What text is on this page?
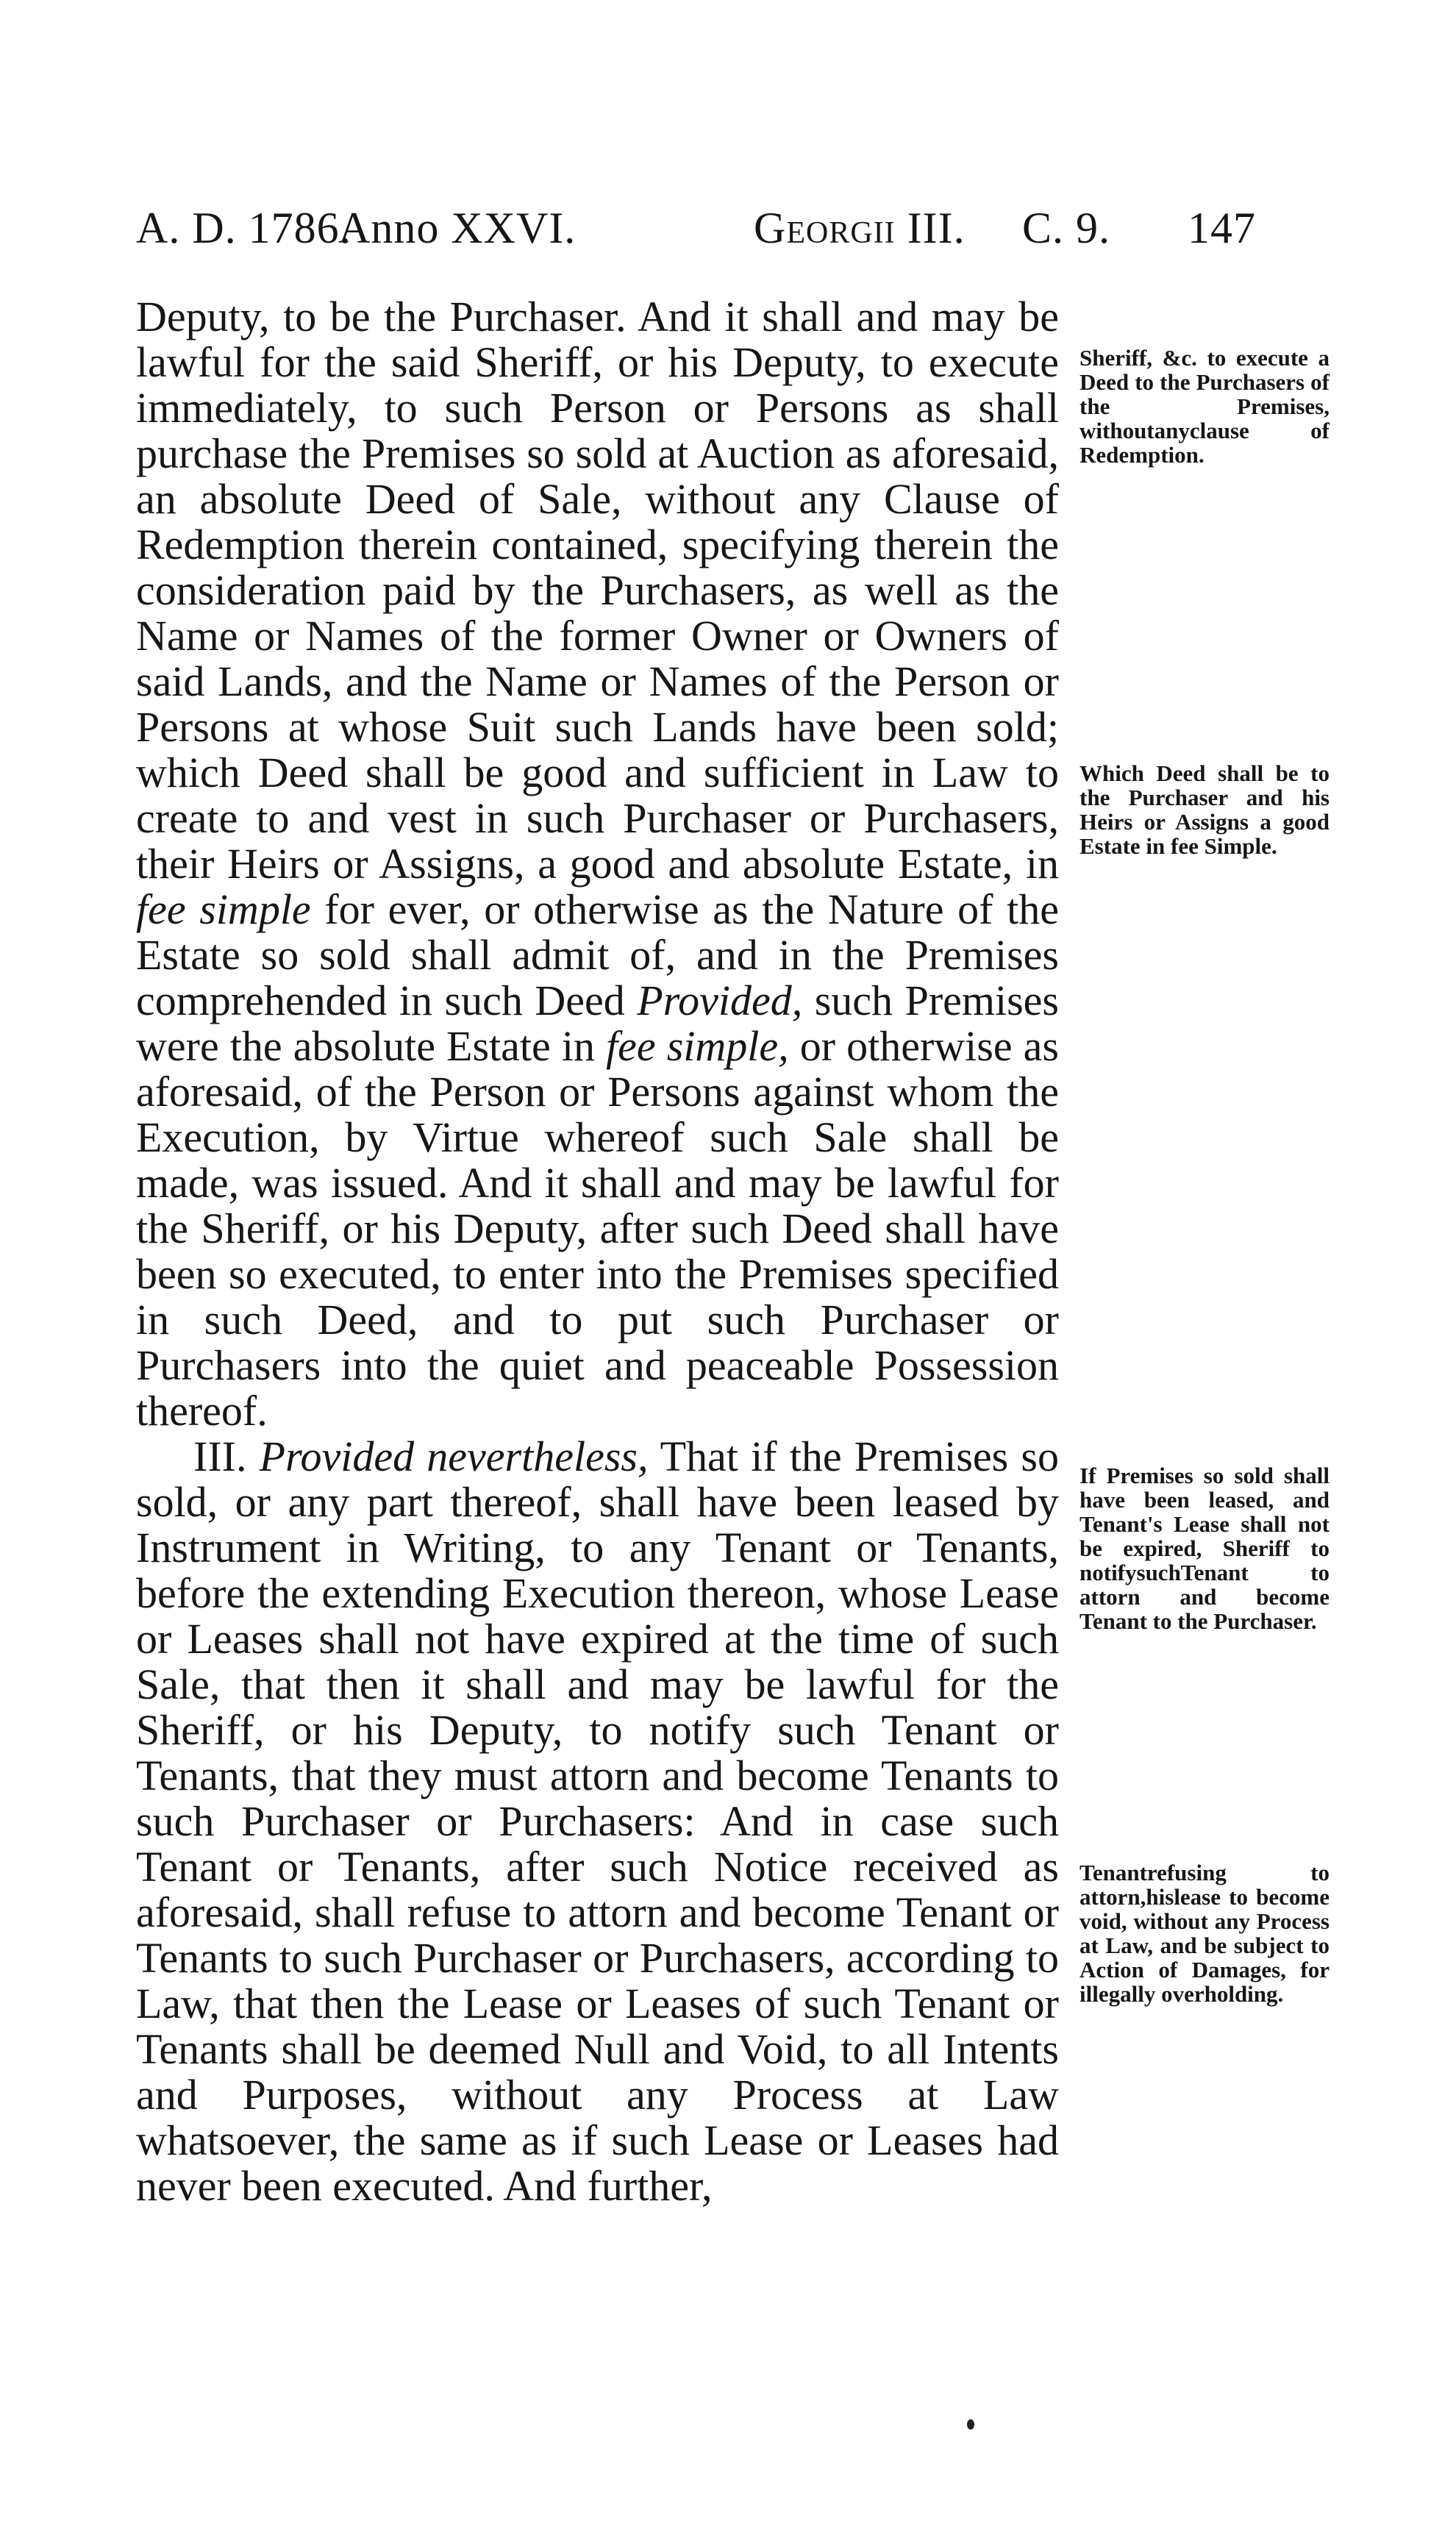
A. D. 1786.
Anno XXVI.	Georgii III. C. 9. 147

Deputy, to be the Purchaser. And it shall and may be lawful for the said Sheriff, or his Deputy, to execute immediately, to such Person or Persons as shall purchase the Premises so sold at Auction as aforesaid, an absolute Deed of Sale, without any Clause of Redemption therein contained, specifying therein the consideration paid by the Purchasers, as well as the Name or Names of the former Owner or Owners of said Lands, and the Name or Names of the Person or Persons at whose Suit such Lands have been sold; which Deed shall be good and sufficient in Law to create to and vest in such Purchaser or Purchasers, their Heirs or Assigns, a good and absolute Estate, in fee simple for ever, or otherwise as the Nature of the Estate so sold shall admit of, and in the Premises comprehended in such Deed Provided, such Premises were the absolute Estate in fee simple, or otherwise as aforesaid, of the Person or Persons against whom the Execution, by Virtue whereof such Sale shall be made, was issued. And it shall and may be lawful for the Sheriff, or his Deputy, after such Deed shall have been so executed, to enter into the Premises specified in such Deed, and to put such Purchaser or Purchasers into the quiet and peaceable Possession thereof.

III. Provided nevertheless, That if the Premises so sold, or any part thereof, shall have been leased by Instrument in Writing, to any Tenant or Tenants, before the extending Execution thereon, whose Lease or Leases shall not have expired at the time of such Sale, that then it shall and may be lawful for the Sheriff, or his Deputy, to notify such Tenant or Tenants, that they must attorn and become Tenants to such Purchaser or Purchasers: And in case such Tenant or Tenants, after such Notice received as aforesaid, shall refuse to attorn and become Tenant or Tenants to such Purchaser or Purchasers, according to Law, that then the Lease or Leases of such Tenant or Tenants shall be deemed Null and Void, to all Intents and Purposes, without any Process at Law whatsoever, the same as if such Lease or Leases had never been executed. And further,

Sheriff, &c. to execute a Deed to the Purchasers of the Premises, withoutanyclause of Redemption.
Which Deed shall be to the Purchaser and his Heirs or Assigns a good Estate in fee Simple.
If Premises so sold shall have been leased, and Tenant's Lease shall not be expired, Sheriff to notifysuchTenant to attorn and become Tenant to the Purchaser.
Tenantrefusing to attorn,hislease to become void, without any Process at Law, and be subject to Action of Damages, for illegally overholding.
